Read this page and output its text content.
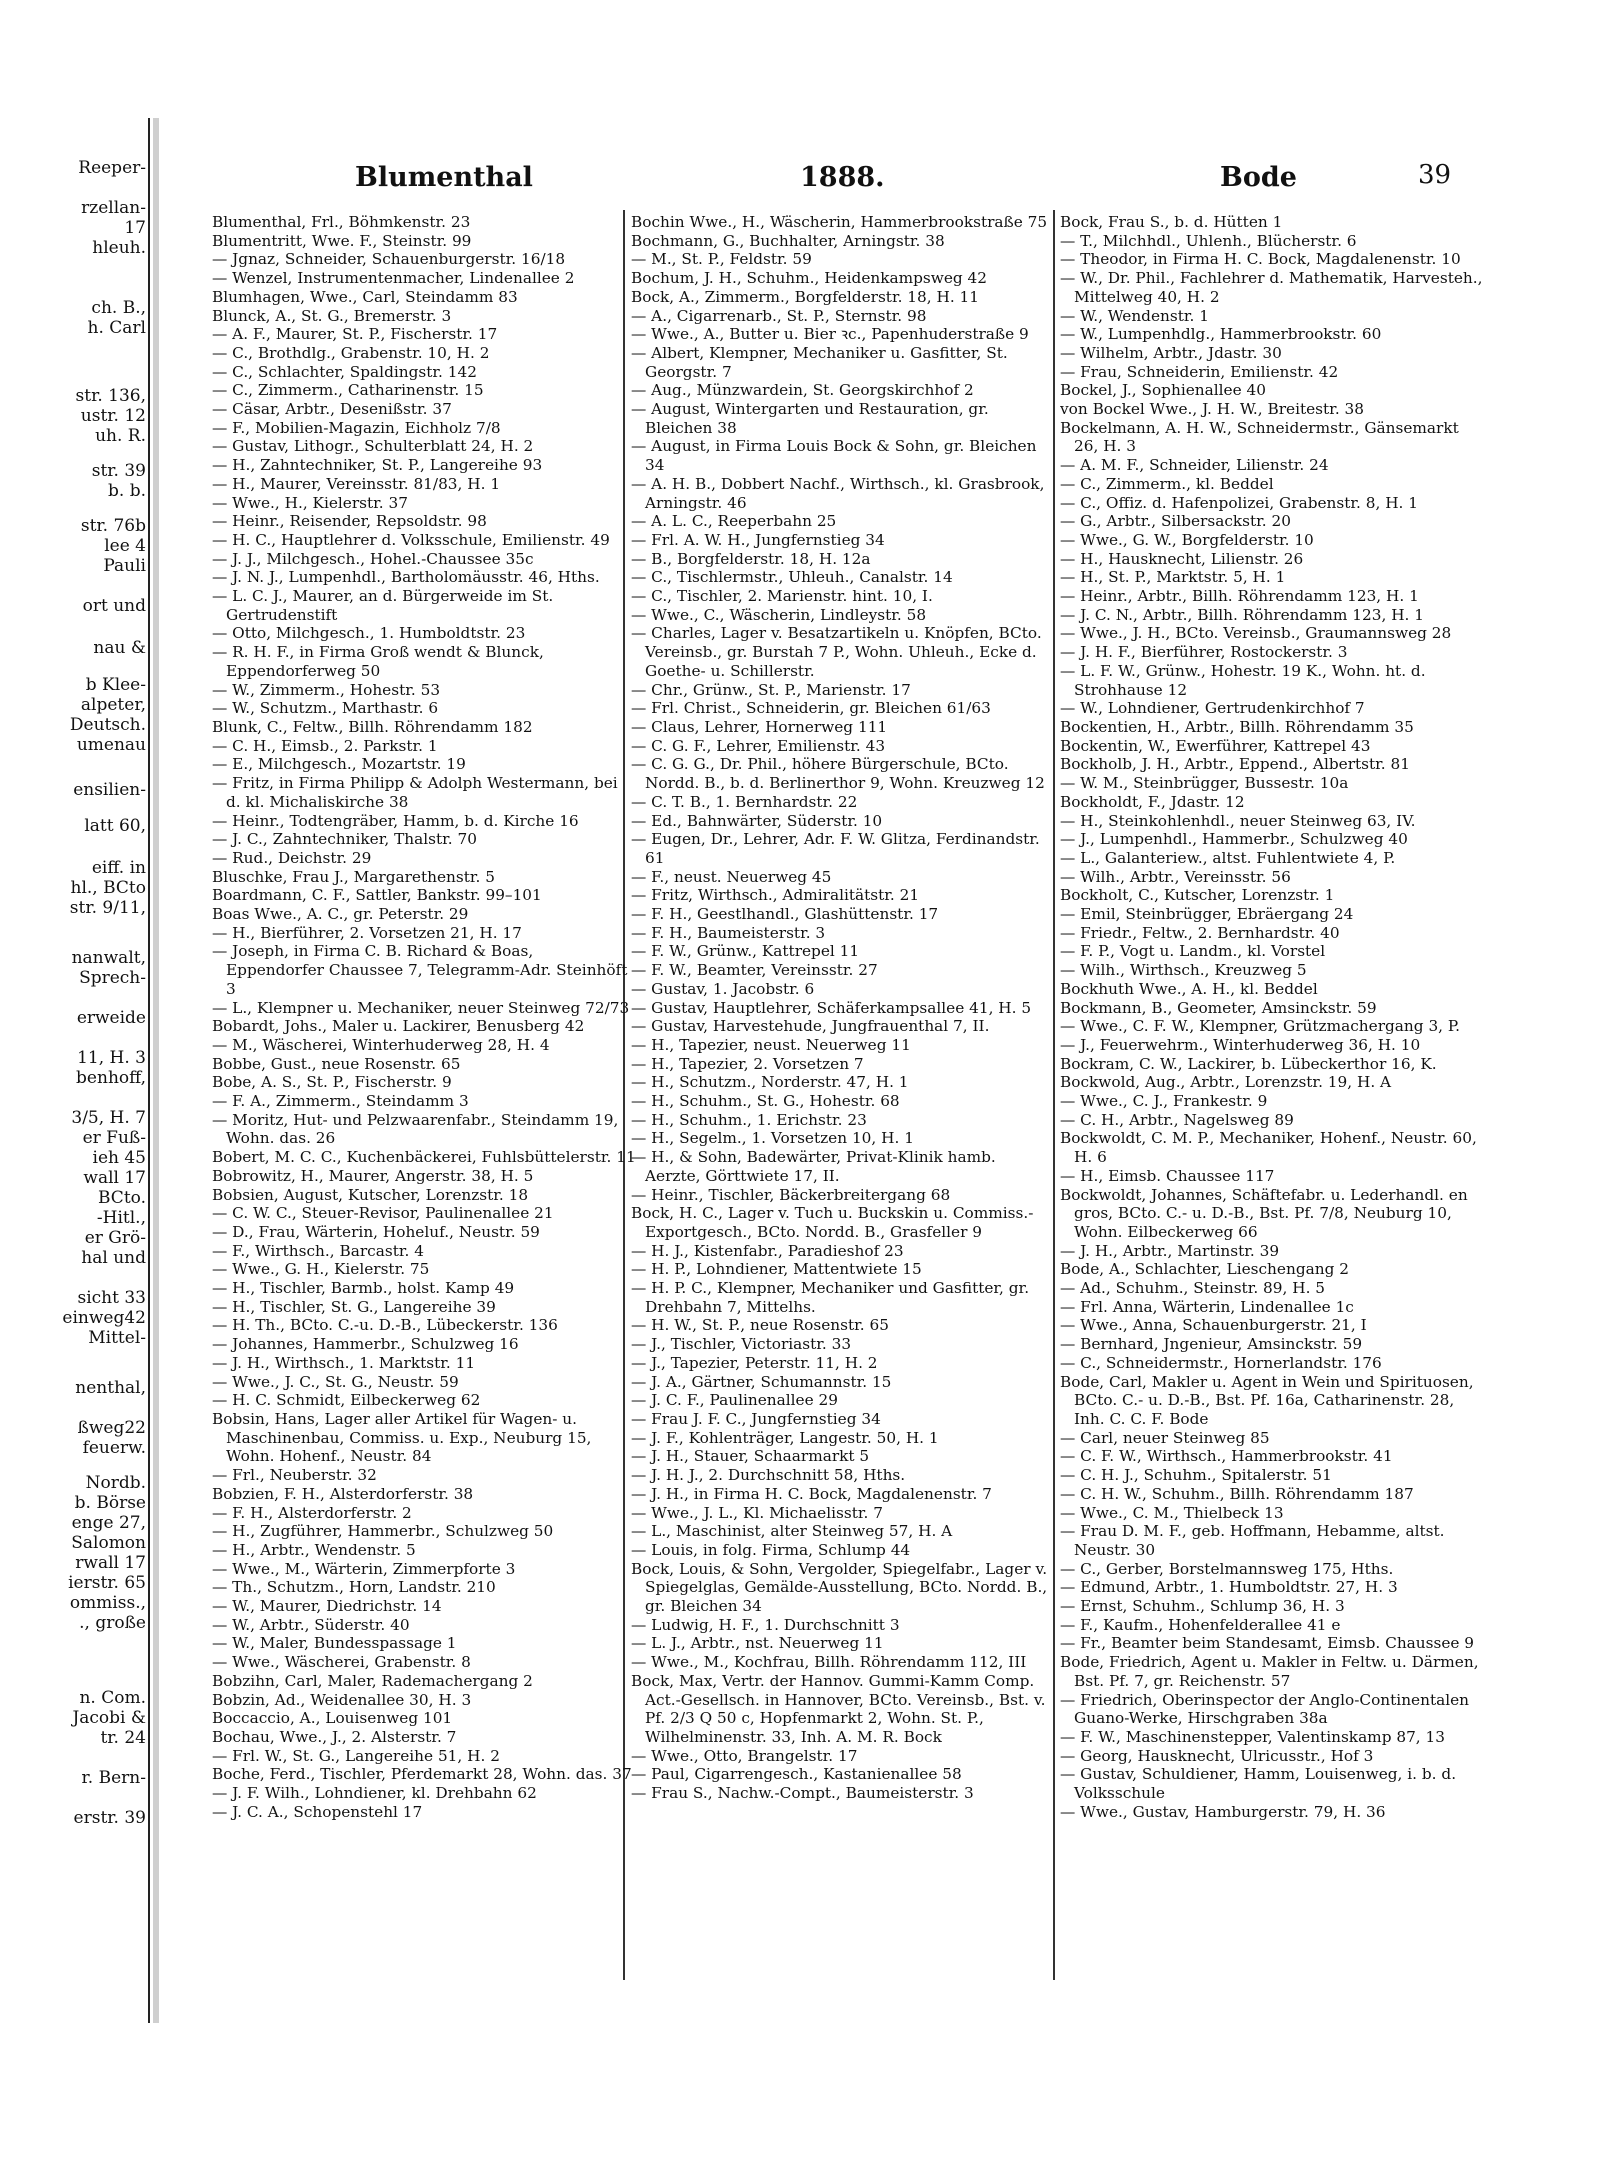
Reeper-
rzellan-
17
hleuh.
ch. B.,
h. Carl
str. 136,
ustr. 12
uh. R.
str. 39
b. b.
str. 76b
lee 4
Pauli
ort und
nau &
b Klee-
alpeter,
Deutsch.
umenau
ensilien-
latt 60,
eiff. in
hl., BCto
str. 9/11,
nanwalt,
Sprech-
erweide
11, H. 3
benhoff,
3/5, H. 7
er Fuß-
ieh 45
wall 17
BCto.
-Hitl.,
er Grö-
hal und
sicht 33
einweg42
Mittel-
nenthal,
ßweg22
feuerw.
Nordb.
b. Börse
enge 27,
Salomon
rwall 17
ierstr. 65
ommiss.,
., große
n. Com.
Jacobi &
tr. 24
r. Bern-
erstr. 39
Blumenthal	1888.	Bode	39
Blumenthal, Frl., Böhmkenstr. 23
Blumentritt, Wwe. F., Steinstr. 99
— Jgnaz, Schneider, Schauenburgerstr. 16/18
— Wenzel, Instrumentenmacher, Lindenallee 2
Blumhagen, Wwe., Carl, Steindamm 83
Blunck, A., St. G., Bremerstr. 3
— A. F., Maurer, St. P., Fischerstr. 17
— C., Brothdlg., Grabenstr. 10, H. 2
— C., Schlachter, Spaldingstr. 142
— C., Zimmerm., Catharinenstr. 15
— Cäsar, Arbtr., Desenißstr. 37
— F., Mobilien-Magazin, Eichholz 7/8
— Gustav, Lithogr., Schulterblatt 24, H. 2
— H., Zahntechniker, St. P., Langereihe 93
— H., Maurer, Vereinsstr. 81/83, H. 1
— Wwe., H., Kielerstr. 37
— Heinr., Reisender, Repsoldstr. 98
— H. C., Hauptlehrer d. Volksschule, Emilienstr. 49
— J. J., Milchgesch., Hohel.-Chaussee 35c
— J. N. J., Lumpenhdl., Bartholomäusstr. 46, Hths.
— L. C. J., Maurer, an d. Bürgerweide im St. Gertrudenstift
— Otto, Milchgesch., 1. Humboldtstr. 23
— R. H. F., in Firma Groß wendt & Blunck, Eppendorferweg 50
— W., Zimmerm., Hohestr. 53
— W., Schutzm., Marthastr. 6
Blunk, C., Feltw., Billh. Röhrendamm 182
— C. H., Eimsb., 2. Parkstr. 1
— E., Milchgesch., Mozartstr. 19
— Fritz, in Firma Philipp & Adolph Westermann, bei d. kl. Michaliskirche 38
— Heinr., Todtengräber, Hamm, b. d. Kirche 16
— J. C., Zahntechniker, Thalstr. 70
— Rud., Deichstr. 29
Bluschke, Frau J., Margarethenstr. 5
Boardmann, C. F., Sattler, Bankstr. 99–101
Boas Wwe., A. C., gr. Peterstr. 29
— H., Bierführer, 2. Vorsetzen 21, H. 17
— Joseph, in Firma C. B. Richard & Boas, Eppendorfer Chaussee 7, Telegramm-Adr. Steinhöft 3
— L., Klempner u. Mechaniker, neuer Steinweg 72/73
Bobardt, Johs., Maler u. Lackirer, Benusberg 42
— M., Wäscherei, Winterhuderweg 28, H. 4
Bobbe, Gust., neue Rosenstr. 65
Bobe, A. S., St. P., Fischerstr. 9
— F. A., Zimmerm., Steindamm 3
— Moritz, Hut- und Pelzwaarenfabr., Steindamm 19, Wohn. das. 26
Bobert, M. C. C., Kuchenbäckerei, Fuhlsbüttelerstr. 11
Bobrowitz, H., Maurer, Angerstr. 38, H. 5
Bobsien, August, Kutscher, Lorenzstr. 18
— C. W. C., Steuer-Revisor, Paulinenallee 21
— D., Frau, Wärterin, Hoheluf., Neustr. 59
— F., Wirthsch., Barcastr. 4
— Wwe., G. H., Kielerstr. 75
— H., Tischler, Barmb., holst. Kamp 49
— H., Tischler, St. G., Langereihe 39
— H. Th., BCto. C.-u. D.-B., Lübeckerstr. 136
— Johannes, Hammerbr., Schulzweg 16
— J. H., Wirthsch., 1. Marktstr. 11
— Wwe., J. C., St. G., Neustr. 59
— H. C. Schmidt, Eilbeckerweg 62
Bobsin, Hans, Lager aller Artikel für Wagen- u. Maschinenbau, Commiss. u. Exp., Neuburg 15, Wohn. Hohenf., Neustr. 84
— Frl., Neuberstr. 32
Bobzien, F. H., Alsterdorferstr. 38
— F. H., Alsterdorferstr. 2
— H., Zugführer, Hammerbr., Schulzweg 50
— H., Arbtr., Wendenstr. 5
— Wwe., M., Wärterin, Zimmerpforte 3
— Th., Schutzm., Horn, Landstr. 210
— W., Maurer, Diedrichstr. 14
— W., Arbtr., Süderstr. 40
— W., Maler, Bundesspassage 1
— Wwe., Wäscherei, Grabenstr. 8
Bobzihn, Carl, Maler, Rademachergang 2
Bobzin, Ad., Weidenallee 30, H. 3
Boccaccio, A., Louisenweg 101
Bochau, Wwe., J., 2. Alsterstr. 7
— Frl. W., St. G., Langereihe 51, H. 2
Boche, Ferd., Tischler, Pferdemarkt 28, Wohn. das. 37
— J. F. Wilh., Lohndiener, kl. Drehbahn 62
— J. C. A., Schopenstehl 17
Bochin Wwe., H., Wäscherin, Hammerbrookstraße 75
Bochmann, G., Buchhalter, Arningstr. 38
— M., St. P., Feldstr. 59
Bochum, J. H., Schuhm., Heidenkampsweg 42
Bock, A., Zimmerm., Borgfelderstr. 18, H. 11
— A., Cigarrenarb., St. P., Sternstr. 98
— Wwe., A., Butter u. Bier ꝛc., Papenhuderstraße 9
— Albert, Klempner, Mechaniker u. Gasfitter, St. Georgstr. 7
— Aug., Münzwardein, St. Georgskirchhof 2
— August, Wintergarten und Restauration, gr. Bleichen 38
— August, in Firma Louis Bock & Sohn, gr. Bleichen 34
— A. H. B., Dobbert Nachf., Wirthsch., kl. Grasbrook, Arningstr. 46
— A. L. C., Reeperbahn 25
— Frl. A. W. H., Jungfernstieg 34
— B., Borgfelderstr. 18, H. 12a
— C., Tischlermstr., Uhleuh., Canalstr. 14
— C., Tischler, 2. Marienstr. hint. 10, I.
— Wwe., C., Wäscherin, Lindleystr. 58
— Charles, Lager v. Besatzartikeln u. Knöpfen, BCto. Vereinsb., gr. Burstah 7 P., Wohn. Uhleuh., Ecke d. Goethe- u. Schillerstr.
— Chr., Grünw., St. P., Marienstr. 17
— Frl. Christ., Schneiderin, gr. Bleichen 61/63
— Claus, Lehrer, Hornerweg 111
— C. G. F., Lehrer, Emilienstr. 43
— C. G. G., Dr. Phil., höhere Bürgerschule, BCto. Nordd. B., b. d. Berlinerthor 9, Wohn. Kreuzweg 12
— C. T. B., 1. Bernhardstr. 22
— Ed., Bahnwärter, Süderstr. 10
— Eugen, Dr., Lehrer, Adr. F. W. Glitza, Ferdinandstr. 61
— F., neust. Neuerweg 45
— Fritz, Wirthsch., Admiralitätstr. 21
— F. H., Geestlhandl., Glashüttenstr. 17
— F. H., Baumeisterstr. 3
— F. W., Grünw., Kattrepel 11
— F. W., Beamter, Vereinsstr. 27
— Gustav, 1. Jacobstr. 6
— Gustav, Hauptlehrer, Schäferkampsallee 41, H. 5
— Gustav, Harvestehude, Jungfrauenthal 7, II.
— H., Tapezier, neust. Neuerweg 11
— H., Tapezier, 2. Vorsetzen 7
— H., Schutzm., Norderstr. 47, H. 1
— H., Schuhm., St. G., Hohestr. 68
— H., Schuhm., 1. Erichstr. 23
— H., Segelm., 1. Vorsetzen 10, H. 1
— H., & Sohn, Badewärter, Privat-Klinik hamb. Aerzte, Görttwiete 17, II.
— Heinr., Tischler, Bäckerbreitergang 68
Bock, H. C., Lager v. Tuch u. Buckskin u. Commiss.-Exportgesch., BCto. Nordd. B., Grasfeller 9
— H. J., Kistenfabr., Paradieshof 23
— H. P., Lohndiener, Mattentwiete 15
— H. P. C., Klempner, Mechaniker und Gasfitter, gr. Drehbahn 7, Mittelhs.
— H. W., St. P., neue Rosenstr. 65
— J., Tischler, Victoriastr. 33
— J., Tapezier, Peterstr. 11, H. 2
— J. A., Gärtner, Schumannstr. 15
— J. C. F., Paulinenallee 29
— Frau J. F. C., Jungfernstieg 34
— J. F., Kohlenträger, Langestr. 50, H. 1
— J. H., Stauer, Schaarmarkt 5
— J. H. J., 2. Durchschnitt 58, Hths.
— J. H., in Firma H. C. Bock, Magdalenenstr. 7
— Wwe., J. L., Kl. Michaelisstr. 7
— L., Maschinist, alter Steinweg 57, H. A
— Louis, in folg. Firma, Schlump 44
Bock, Louis, & Sohn, Vergolder, Spiegelfabr., Lager v. Spiegelglas, Gemälde-Ausstellung, BCto. Nordd. B., gr. Bleichen 34
— Ludwig, H. F., 1. Durchschnitt 3
— L. J., Arbtr., nst. Neuerweg 11
— Wwe., M., Kochfrau, Billh. Röhrendamm 112, III
Bock, Max, Vertr. der Hannov. Gummi-Kamm Comp. Act.-Gesellsch. in Hannover, BCto. Vereinsb., Bst. v. Pf. 2/3 Q 50 c, Hopfenmarkt 2, Wohn. St. P., Wilhelminenstr. 33, Inh. A. M. R. Bock
— Wwe., Otto, Brangelstr. 17
— Paul, Cigarrengesch., Kastanienallee 58
— Frau S., Nachw.-Compt., Baumeisterstr. 3
Bock, Frau S., b. d. Hütten 1
— T., Milchhdl., Uhlenh., Blücherstr. 6
— Theodor, in Firma H. C. Bock, Magdalenenstr. 10
— W., Dr. Phil., Fachlehrer d. Mathematik, Harvesteh., Mittelweg 40, H. 2
— W., Wendenstr. 1
— W., Lumpenhdlg., Hammerbrookstr. 60
— Wilhelm, Arbtr., Jdastr. 30
— Frau, Schneiderin, Emilienstr. 42
Bockel, J., Sophienallee 40
von Bockel Wwe., J. H. W., Breitestr. 38
Bockelmann, A. H. W., Schneidermstr., Gänsemarkt 26, H. 3
— A. M. F., Schneider, Lilienstr. 24
— C., Zimmerm., kl. Beddel
— C., Offiz. d. Hafenpolizei, Grabenstr. 8, H. 1
— G., Arbtr., Silbersackstr. 20
— Wwe., G. W., Borgfelderstr. 10
— H., Hausknecht, Lilienstr. 26
— H., St. P., Marktstr. 5, H. 1
— Heinr., Arbtr., Billh. Röhrendamm 123, H. 1
— J. C. N., Arbtr., Billh. Röhrendamm 123, H. 1
— Wwe., J. H., BCto. Vereinsb., Graumannsweg 28
— J. H. F., Bierführer, Rostockerstr. 3
— L. F. W., Grünw., Hohestr. 19 K., Wohn. ht. d. Strohhause 12
— W., Lohndiener, Gertrudenkirchhof 7
Bockentien, H., Arbtr., Billh. Röhrendamm 35
Bockentin, W., Ewerführer, Kattrepel 43
Bockholb, J. H., Arbtr., Eppend., Albertstr. 81
— W. M., Steinbrügger, Bussestr. 10a
Bockholdt, F., Jdastr. 12
— H., Steinkohlenhdl., neuer Steinweg 63, IV.
— J., Lumpenhdl., Hammerbr., Schulzweg 40
— L., Galanteriew., altst. Fuhlentwiete 4, P.
— Wilh., Arbtr., Vereinsstr. 56
Bockholt, C., Kutscher, Lorenzstr. 1
— Emil, Steinbrügger, Ebräergang 24
— Friedr., Feltw., 2. Bernhardstr. 40
— F. P., Vogt u. Landm., kl. Vorstel
— Wilh., Wirthsch., Kreuzweg 5
Bockhuth Wwe., A. H., kl. Beddel
Bockmann, B., Geometer, Amsinckstr. 59
— Wwe., C. F. W., Klempner, Grützmachergang 3, P.
— J., Feuerwehrm., Winterhuderweg 36, H. 10
Bockram, C. W., Lackirer, b. Lübeckerthor 16, K.
Bockwold, Aug., Arbtr., Lorenzstr. 19, H. A
— Wwe., C. J., Frankestr. 9
— C. H., Arbtr., Nagelsweg 89
Bockwoldt, C. M. P., Mechaniker, Hohenf., Neustr. 60, H. 6
— H., Eimsb. Chaussee 117
Bockwoldt, Johannes, Schäftefabr. u. Lederhandl. en gros, BCto. C.- u. D.-B., Bst. Pf. 7/8, Neuburg 10, Wohn. Eilbeckerweg 66
— J. H., Arbtr., Martinstr. 39
Bode, A., Schlachter, Lieschengang 2
— Ad., Schuhm., Steinstr. 89, H. 5
— Frl. Anna, Wärterin, Lindenallee 1c
— Wwe., Anna, Schauenburgerstr. 21, I
— Bernhard, Jngenieur, Amsinckstr. 59
— C., Schneidermstr., Hornerlandstr. 176
Bode, Carl, Makler u. Agent in Wein und Spirituosen, BCto. C.- u. D.-B., Bst. Pf. 16a, Catharinenstr. 28, Inh. C. C. F. Bode
— Carl, neuer Steinweg 85
— C. F. W., Wirthsch., Hammerbrookstr. 41
— C. H. J., Schuhm., Spitalerstr. 51
— C. H. W., Schuhm., Billh. Röhrendamm 187
— Wwe., C. M., Thielbeck 13
— Frau D. M. F., geb. Hoffmann, Hebamme, altst. Neustr. 30
— C., Gerber, Borstelmannsweg 175, Hths.
— Edmund, Arbtr., 1. Humboldtstr. 27, H. 3
— Ernst, Schuhm., Schlump 36, H. 3
— F., Kaufm., Hohenfelderallee 41 e
— Fr., Beamter beim Standesamt, Eimsb. Chaussee 9
Bode, Friedrich, Agent u. Makler in Feltw. u. Därmen, Bst. Pf. 7, gr. Reichenstr. 57
— Friedrich, Oberinspector der Anglo-Continentalen Guano-Werke, Hirschgraben 38a
— F. W., Maschinenstepper, Valentinskamp 87, 13
— Georg, Hausknecht, Ulricusstr., Hof 3
— Gustav, Schuldiener, Hamm, Louisenweg, i. b. d. Volksschule
— Wwe., Gustav, Hamburgerstr. 79, H. 36
